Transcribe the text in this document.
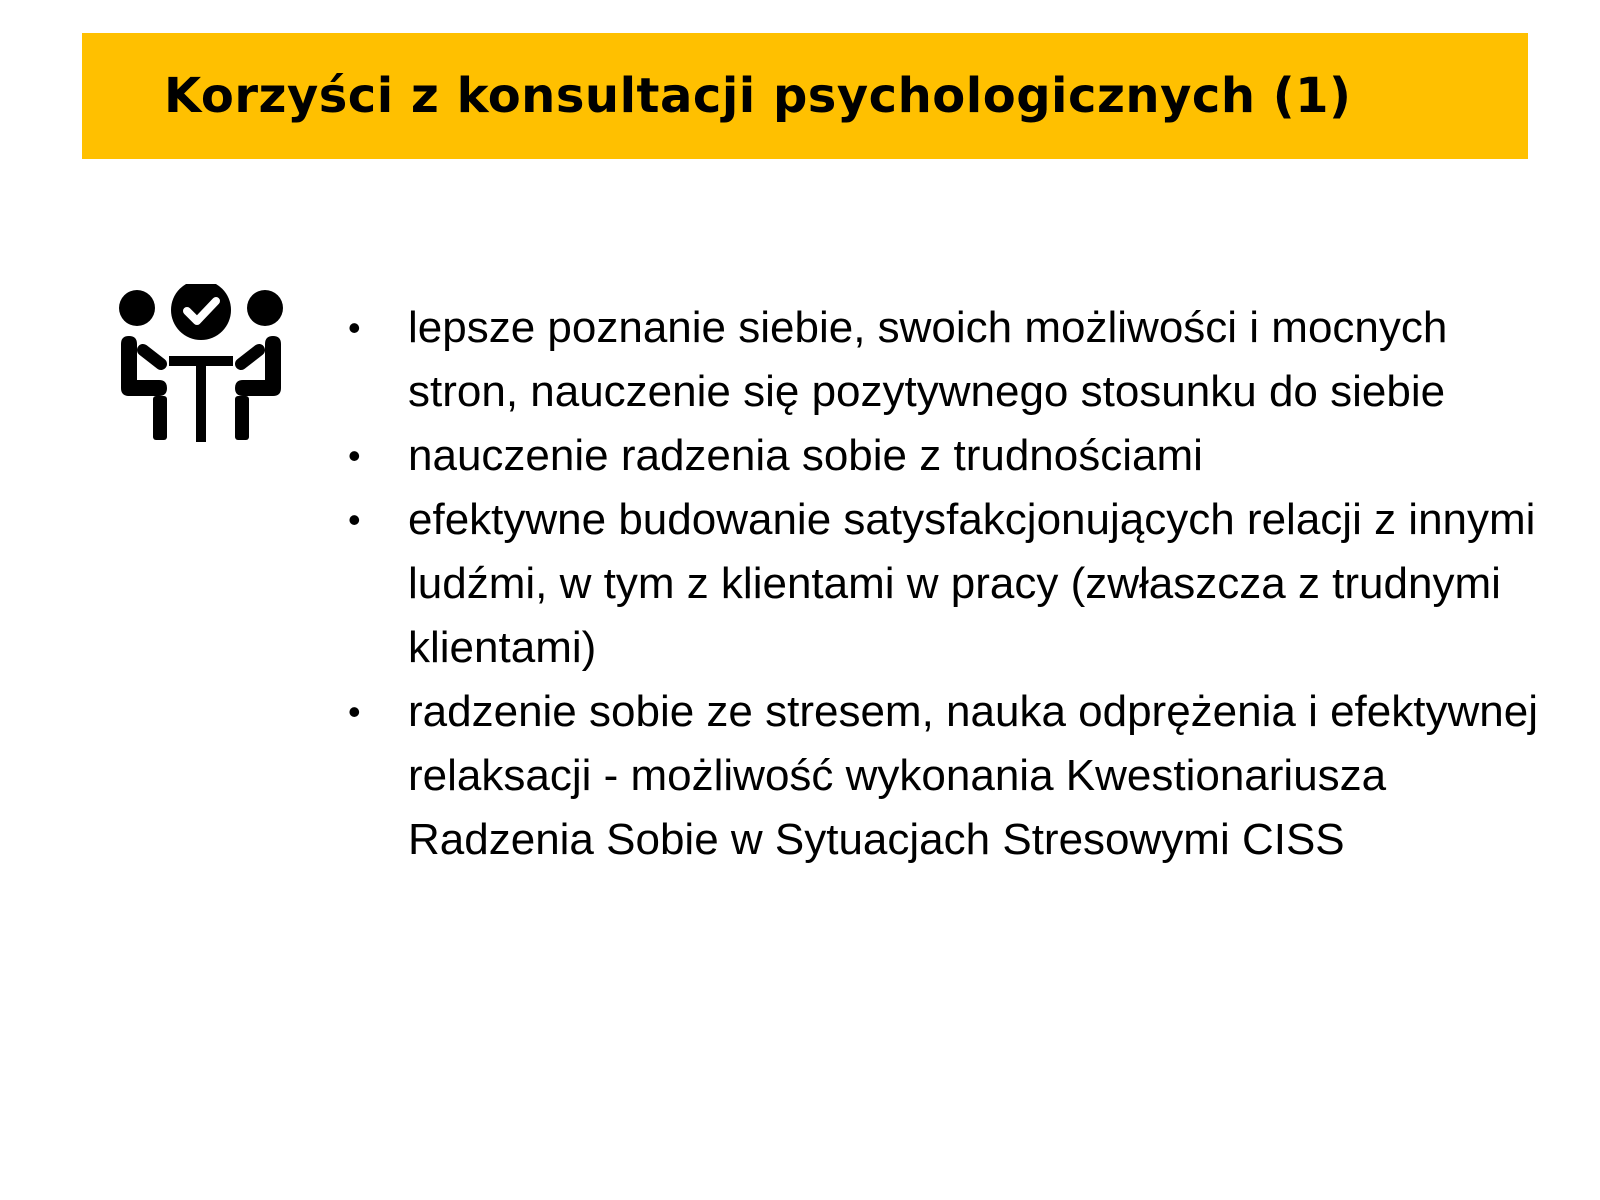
Korzyści z konsultacji psychologicznych (1)
• lepsze poznanie siebie, swoich możliwości i mocnych stron, nauczenie się pozytywnego stosunku do siebie
• nauczenie radzenia sobie z trudnościami
• efektywne budowanie satysfakcjonujących relacji z innymi ludźmi, w tym z klientami w pracy (zwłaszcza z trudnymi klientami)
• radzenie sobie ze stresem, nauka odprężenia i efektywnej relaksacji - możliwość wykonania Kwestionariusza Radzenia Sobie w Sytuacjach Stresowymi CISS
